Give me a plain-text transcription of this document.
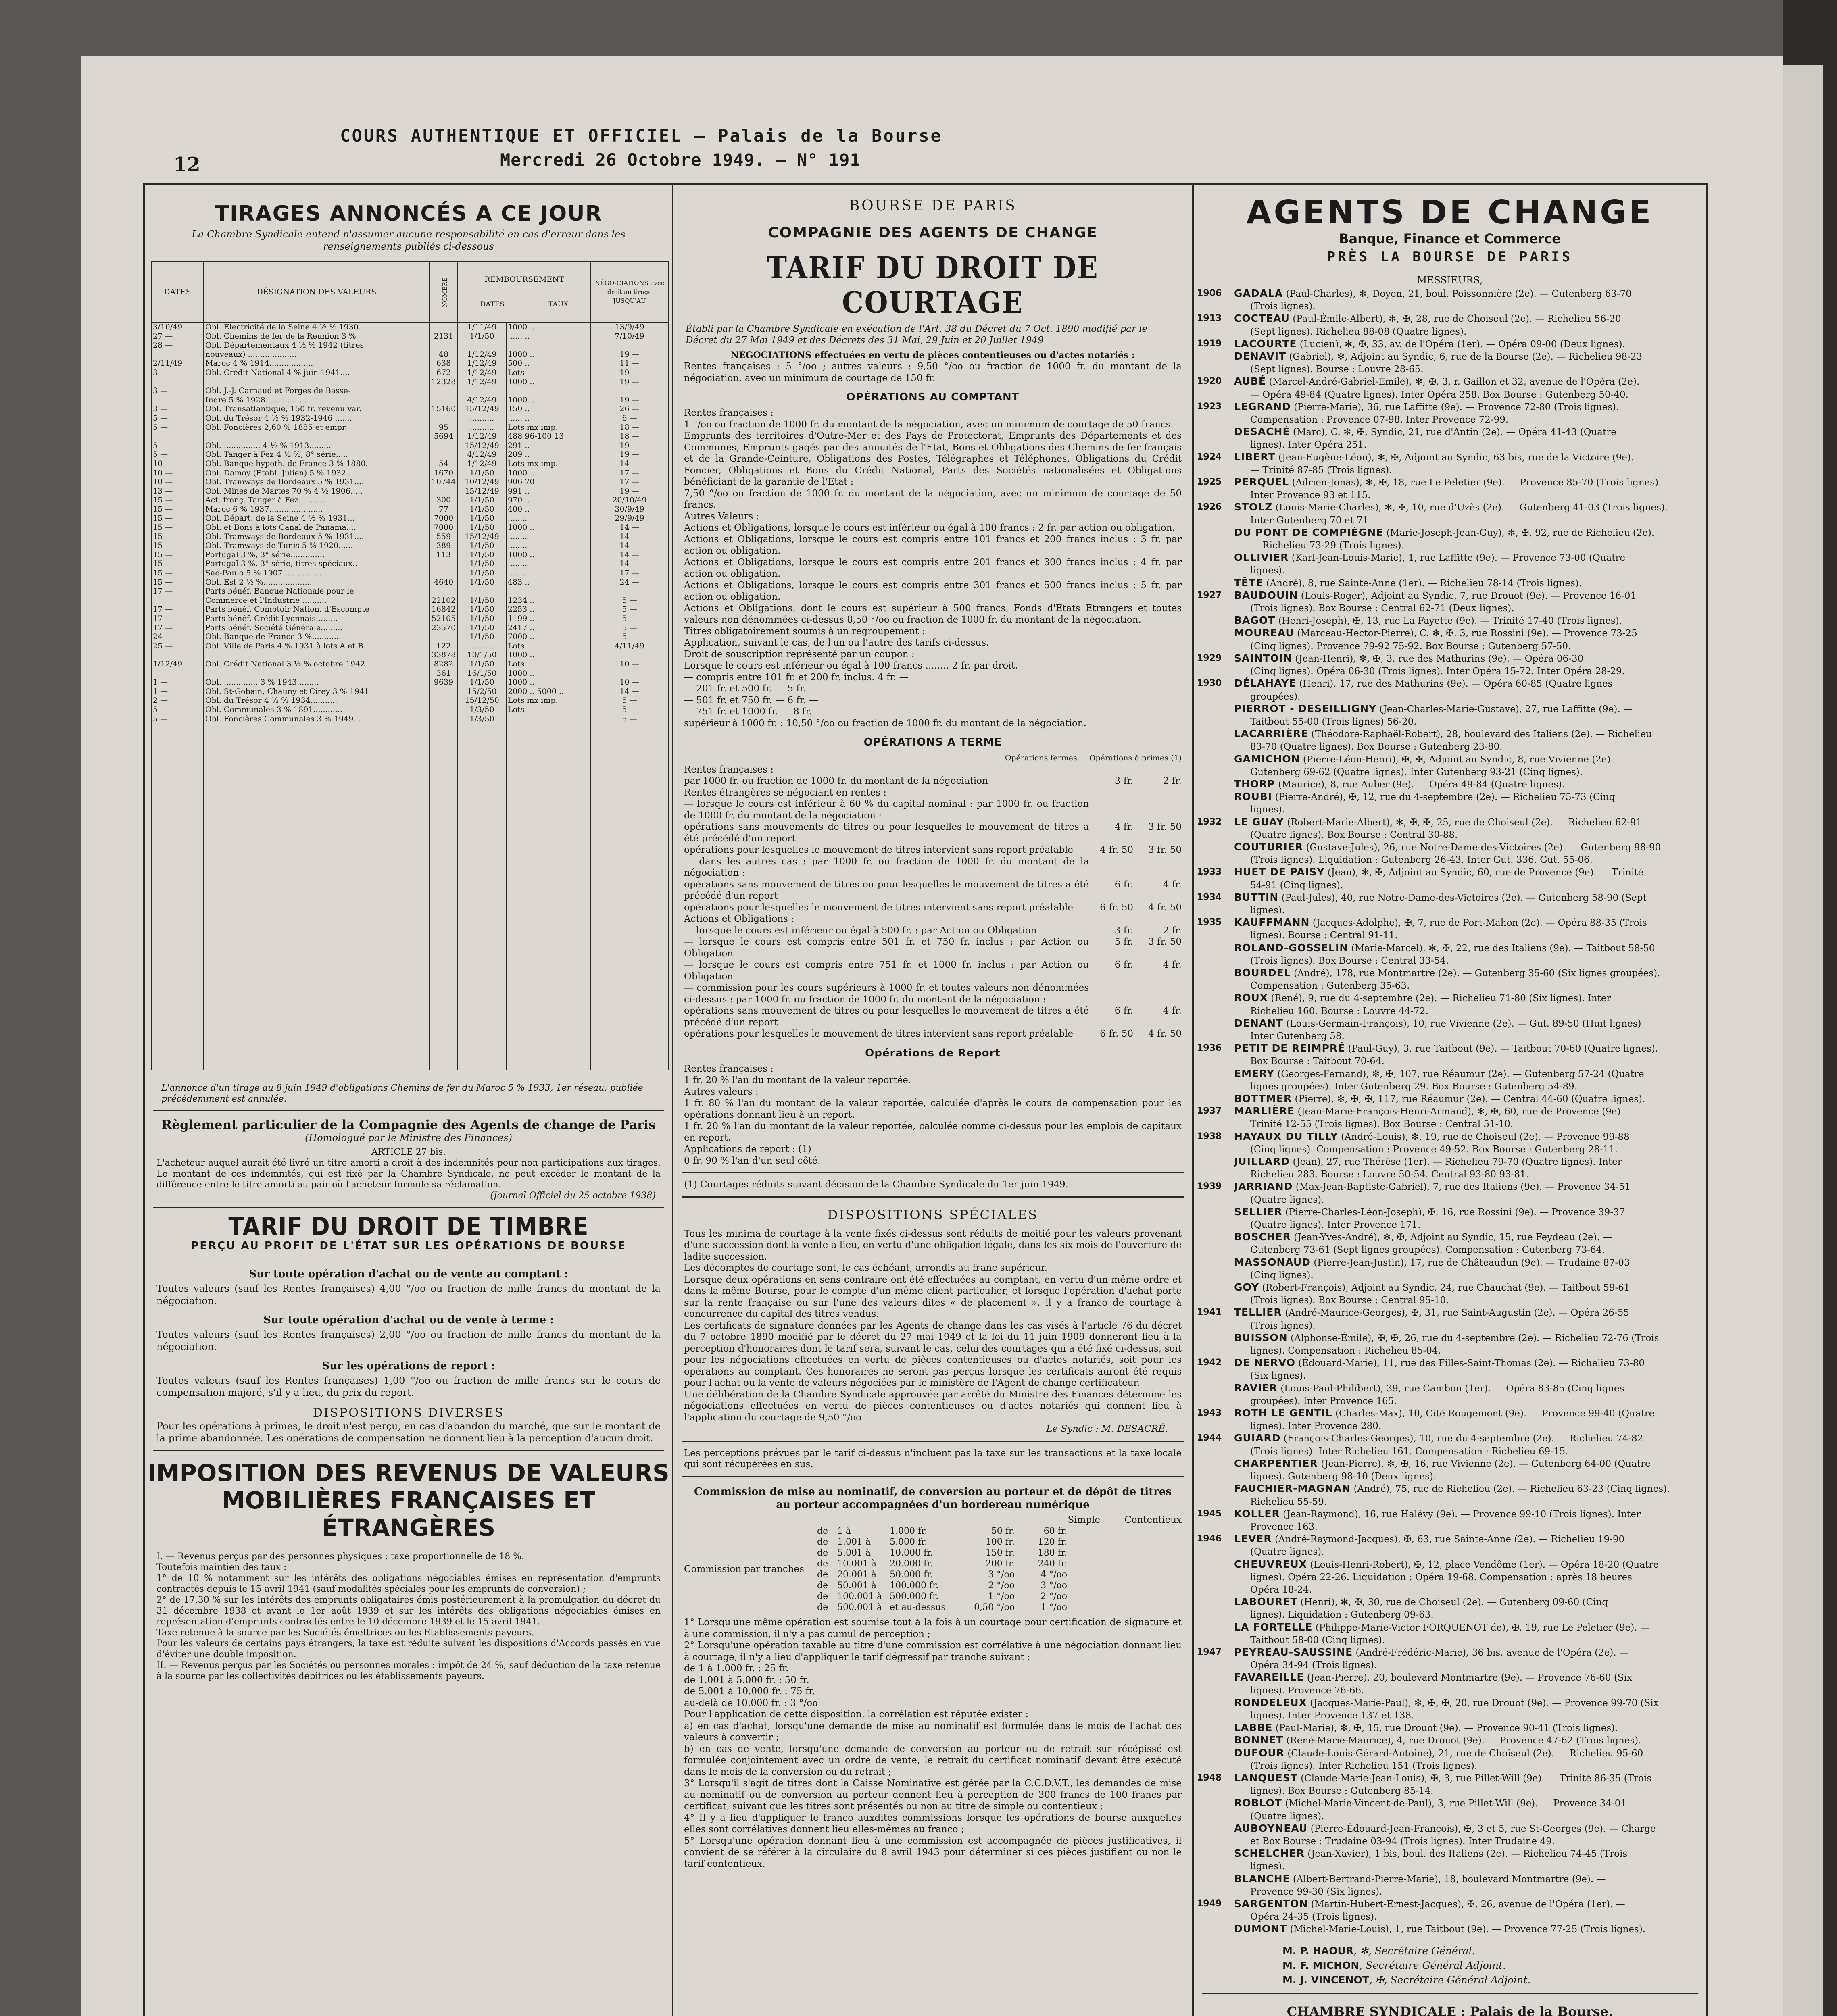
COURS AUTHENTIQUE ET OFFICIEL — Palais de la Bourse
Mercredi 26 Octobre 1949. — N° 191
12
TIRAGES ANNONCÉS A CE JOUR
La Chambre Syndicale entend n'assumer aucune responsabilité en cas d'erreur dans les renseignements publiés ci-dessous
DATES	DÉSIGNATION DES VALEURS	NOMBRE	REMBOURSEMENT
DATES TAUX		NÉGO-CIATIONS avec droit au tirage JUSQU'AU
3/10/49	Obl. Electricité de la Seine 4 ½ % 1930.		1/11/49	1000 ..	13/9/49
27 —	Obl. Chemins de fer de la Réunion 3 %	2131	1/1/50	...... ..	7/10/49
28 —	Obl. Départementaux 4 ½ % 1942 (titres				
	nouveaux) ....................	48	1/12/49	1000 ..	19 —
2/11/49	Maroc 4 % 1914..................	638	1/12/49	500 ..	11 —
3 —	Obl. Crédit National 4 % juin 1941....	672	1/12/49	Lots	19 —
		12328	1/12/49	1000 ..	19 —
3 —	Obl. J.-J. Carnaud et Forges de Basse-				
	Indre 5 % 1928..................		4/12/49	1000 ..	19 —
3 —	Obl. Transatlantique, 150 fr. revenu var.	15160	15/12/49	150 ..	26 —
5 —	Obl. du Trésor 4 ½ % 1932-1946 .......		..........	...... ..	6 —
5 —	Obl. Foncières 2,60 % 1885 et empr.	95	..........	Lots mx imp.	18 —
		5694	1/12/49	488 96-100 13	18 —
5 —	Obl. ............... 4 ½ % 1913.........		15/12/49	291 ..	19 —
5 —	Obl. Tanger à Fez 4 ½ %, 8° série.....		4/12/49	209 ..	19 —
10 —	Obl. Banque hypoth. de France 3 % 1880.	54	1/12/49	Lots mx imp.	14 —
10 —	Obl. Damoy (Etabl. Julien) 5 % 1932.....	1670	1/1/50	1000 ..	17 —
10 —	Obl. Tramways de Bordeaux 5 % 1931....	10744	10/12/49	906 70	17 —
13 —	Obl. Mines de Martes 70 % 4 ½ 1906.....		15/12/49	991 ..	19 —
15 —	Act. franç. Tanger à Fez...........	300	1/1/50	970 ..	20/10/49
15 —	Maroc 6 % 1937......................	77	1/1/50	400 ..	30/9/49
15 —	Obl. Départ. de la Seine 4 ½ % 1931...	7000	1/1/50	........	29/9/49
15 —	Obl. et Bons à lots Canal de Panama....	7000	1/1/50	1000 ..	14 —
15 —	Obl. Tramways de Bordeaux 5 % 1931....	559	15/12/49	........	14 —
15 —	Obl. Tramways de Tunis 5 % 1920......	389	1/1/50	........	14 —
15 —	Portugal 3 %, 3° série..............	113	1/1/50	1000 ..	14 —
15 —	Portugal 3 %, 3° série, titres spéciaux..		1/1/50	........	14 —
15 —	Sao-Paulo 5 % 1907..................		1/1/50	........	17 —
15 —	Obl. Est 2 ½ %....................	4640	1/1/50	483 ..	24 —
17 —	Parts bénéf. Banque Nationale pour le				
	Commerce et l'Industrie ..........	22102	1/1/50	1234 ..	5 —
17 —	Parts bénéf. Comptoir Nation. d'Escompte	16842	1/1/50	2253 ..	5 —
17 —	Parts bénéf. Crédit Lyonnais.........	52105	1/1/50	1199 ..	5 —
17 —	Parts bénéf. Société Générale.........	23570	1/1/50	2417 ..	5 —
24 —	Obl. Banque de France 3 %............		1/1/50	7000 ..	5 —
25 —	Obl. Ville de Paris 4 % 1931 à lots A et B.	122	..........	Lots	4/11/49
		33878	10/1/50	1000 ..	
1/12/49	Obl. Crédit National 3 ½ % octobre 1942	8282	1/1/50	Lots	10 —
		361	16/1/50	1000 ..	
1 —	Obl. .............. 3 % 1943.........	9639	1/1/50	1000 ..	10 —
1 —	Obl. St-Gobain, Chauny et Cirey 3 % 1941		15/2/50	2000 .. 5000 ..	14 —
2 —	Obl. du Trésor 4 ½ % 1934...........		15/12/50	Lots mx imp.	5 —
5 —	Obl. Communales 3 % 1891............		1/3/50	Lots	5 —
5 —	Obl. Foncières Communales 3 % 1949...		1/3/50		5 —

L'annonce d'un tirage au 8 juin 1949 d'obligations Chemins de fer du Maroc 5 % 1933, 1er réseau, publiée précédemment est annulée.
Règlement particulier de la Compagnie des Agents de change de Paris
(Homologué par le Ministre des Finances)
ARTICLE 27 bis.
L'acheteur auquel aurait été livré un titre amorti a droit à des indemnités pour non participations aux tirages. Le montant de ces indemnités, qui est fixé par la Chambre Syndicale, ne peut excéder le montant de la différence entre le titre amorti au pair où l'acheteur formule sa réclamation.
(Journal Officiel du 25 octobre 1938)
TARIF DU DROIT DE TIMBRE
PERÇU AU PROFIT DE L'ÉTAT SUR LES OPÉRATIONS DE BOURSE
Sur toute opération d'achat ou de vente au comptant :
Toutes valeurs (sauf les Rentes françaises) 4,00 °/oo ou fraction de mille francs du montant de la négociation.
Sur toute opération d'achat ou de vente à terme :
Toutes valeurs (sauf les Rentes françaises) 2,00 °/oo ou fraction de mille francs du montant de la négociation.
Sur les opérations de report :
Toutes valeurs (sauf les Rentes françaises) 1,00 °/oo ou fraction de mille francs sur le cours de compensation majoré, s'il y a lieu, du prix du report.
DISPOSITIONS DIVERSES
Pour les opérations à primes, le droit n'est perçu, en cas d'abandon du marché, que sur le montant de la prime abandonnée. Les opérations de compensation ne donnent lieu à la perception d'aucun droit.
IMPOSITION DES REVENUS DE VALEURS MOBILIÈRES FRANÇAISES ET ÉTRANGÈRES
I. — Revenus perçus par des personnes physiques : taxe proportionnelle de 18 %.
Toutefois maintien des taux :
1° de 10 % notamment sur les intérêts des obligations négociables émises en représentation d'emprunts contractés depuis le 15 avril 1941 (sauf modalités spéciales pour les emprunts de conversion) ;
2° de 17,30 % sur les intérêts des emprunts obligataires émis postérieurement à la promulgation du décret du 31 décembre 1938 et avant le 1er août 1939 et sur les intérêts des obligations négociables émises en représentation d'emprunts contractés entre le 10 décembre 1939 et le 15 avril 1941.
Taxe retenue à la source par les Sociétés émettrices ou les Etablissements payeurs.
Pour les valeurs de certains pays étrangers, la taxe est réduite suivant les dispositions d'Accords passés en vue d'éviter une double imposition.
II. — Revenus perçus par les Sociétés ou personnes morales : impôt de 24 %, sauf déduction de la taxe retenue à la source par les collectivités débitrices ou les établissements payeurs.
BOURSE DE PARIS
COMPAGNIE DES AGENTS DE CHANGE
TARIF DU DROIT DE COURTAGE
Établi par la Chambre Syndicale en exécution de l'Art. 38 du Décret du 7 Oct. 1890 modifié par le Décret du 27 Mai 1949 et des Décrets des 31 Mai, 29 Juin et 20 Juillet 1949
NÉGOCIATIONS effectuées en vertu de pièces contentieuses ou d'actes notariés :
Rentes françaises : 5 °/oo ; autres valeurs : 9,50 °/oo ou fraction de 1000 fr. du montant de la négociation, avec un minimum de courtage de 150 fr.
OPÉRATIONS AU COMPTANT
Rentes françaises :
1 °/oo ou fraction de 1000 fr. du montant de la négociation, avec un minimum de courtage de 50 francs.
Emprunts des territoires d'Outre-Mer et des Pays de Protectorat, Emprunts des Départements et des Communes, Emprunts gagés par des annuités de l'Etat, Bons et Obligations des Chemins de fer français et de la Grande-Ceinture, Obligations des Postes, Télégraphes et Téléphones, Obligations du Crédit Foncier, Obligations et Bons du Crédit National, Parts des Sociétés nationalisées et Obligations bénéficiant de la garantie de l'Etat :
7,50 °/oo ou fraction de 1000 fr. du montant de la négociation, avec un minimum de courtage de 50 francs.
Autres Valeurs :
Actions et Obligations, lorsque le cours est inférieur ou égal à 100 francs : 2 fr. par action ou obligation.
Actions et Obligations, lorsque le cours est compris entre 101 francs et 200 francs inclus : 3 fr. par action ou obligation.
Actions et Obligations, lorsque le cours est compris entre 201 francs et 300 francs inclus : 4 fr. par action ou obligation.
Actions et Obligations, lorsque le cours est compris entre 301 francs et 500 francs inclus : 5 fr. par action ou obligation.
Actions et Obligations, dont le cours est supérieur à 500 francs, Fonds d'Etats Etrangers et toutes valeurs non dénommées ci-dessus 8,50 °/oo ou fraction de 1000 fr. du montant de la négociation.
Titres obligatoirement soumis à un regroupement :
Application, suivant le cas, de l'un ou l'autre des tarifs ci-dessus.
Droit de souscription représenté par un coupon :
Lorsque le cours est inférieur ou égal à 100 francs ........ 2 fr. par droit.
— compris entre 101 fr. et 200 fr. inclus. 4 fr. —
— 201 fr. et 500 fr. — 5 fr. —
— 501 fr. et 750 fr. — 6 fr. —
— 751 fr. et 1000 fr. — 8 fr. —
supérieur à 1000 fr. : 10,50 °/oo ou fraction de 1000 fr. du montant de la négociation.
OPÉRATIONS A TERME
Opérations fermes Opérations à primes (1)
Rentes françaises :
par 1000 fr. ou fraction de 1000 fr. du montant de la négociation	3 fr.	2 fr.
Rentes étrangères se négociant en rentes :
— lorsque le cours est inférieur à 60 % du capital nominal : par 1000 fr. ou fraction de 1000 fr. du montant de la négociation :
opérations sans mouvements de titres ou pour lesquelles le mouvement de titres a été précédé d'un report
4 fr.	3 fr. 50
opérations pour lesquelles le mouvement de titres intervient sans report préalable	4 fr. 50	3 fr. 50
— dans les autres cas : par 1000 fr. ou fraction de 1000 fr. du montant de la négociation :
opérations sans mouvement de titres ou pour lesquelles le mouvement de titres a été précédé d'un report
6 fr.	4 fr.
opérations pour lesquelles le mouvement de titres intervient sans report préalable	6 fr. 50	4 fr. 50
Actions et Obligations :
— lorsque le cours est inférieur ou égal à 500 fr. : par Action ou Obligation	3 fr.	2 fr.
— lorsque le cours est compris entre 501 fr. et 750 fr. inclus : par Action ou Obligation
5 fr.	3 fr. 50
— lorsque le cours est compris entre 751 fr. et 1000 fr. inclus : par Action ou Obligation
6 fr.	4 fr.
— commission pour les cours supérieurs à 1000 fr. et toutes valeurs non dénommées ci-dessus : par 1000 fr. ou fraction de 1000 fr. du montant de la négociation :
opérations sans mouvement de titres ou pour lesquelles le mouvement de titres a été précédé d'un report
6 fr.	4 fr.
opérations pour lesquelles le mouvement de titres intervient sans report préalable	6 fr. 50	4 fr. 50
Opérations de Report
Rentes françaises :
1 fr. 20 % l'an du montant de la valeur reportée.
Autres valeurs :
1 fr. 80 % l'an du montant de la valeur reportée, calculée d'après le cours de compensation pour les opérations donnant lieu à un report.
1 fr. 20 % l'an du montant de la valeur reportée, calculée comme ci-dessus pour les emplois de capitaux en report.
Applications de report : (1)
0 fr. 90 % l'an d'un seul côté.
(1) Courtages réduits suivant décision de la Chambre Syndicale du 1er juin 1949.
DISPOSITIONS SPÉCIALES
Tous les minima de courtage à la vente fixés ci-dessus sont réduits de moitié pour les valeurs provenant d'une succession dont la vente a lieu, en vertu d'une obligation légale, dans les six mois de l'ouverture de ladite succession.
Les décomptes de courtage sont, le cas échéant, arrondis au franc supérieur.
Lorsque deux opérations en sens contraire ont été effectuées au comptant, en vertu d'un même ordre et dans la même Bourse, pour le compte d'un même client particulier, et lorsque l'opération d'achat porte sur la rente française ou sur l'une des valeurs dites « de placement », il y a franco de courtage à concurrence du capital des titres vendus.
Les certificats de signature données par les Agents de change dans les cas visés à l'article 76 du décret du 7 octobre 1890 modifié par le décret du 27 mai 1949 et la loi du 11 juin 1909 donneront lieu à la perception d'honoraires dont le tarif sera, suivant le cas, celui des courtages qui a été fixé ci-dessus, soit pour les négociations effectuées en vertu de pièces contentieuses ou d'actes notariés, soit pour les opérations au comptant. Ces honoraires ne seront pas perçus lorsque les certificats auront été requis pour l'achat ou la vente de valeurs négociées par le ministère de l'Agent de change certificateur.
Une délibération de la Chambre Syndicale approuvée par arrêté du Ministre des Finances détermine les négociations effectuées en vertu de pièces contentieuses ou d'actes notariés qui donnent lieu à l'application du courtage de 9,50 °/oo
Le Syndic : M. DESACRÉ.
Les perceptions prévues par le tarif ci-dessus n'incluent pas la taxe sur les transactions et la taxe locale qui sont récupérées en sus.
Commission de mise au nominatif, de conversion au porteur et de dépôt de titres au porteur accompagnées d'un bordereau numérique
Simple	Contentieux
Commission par tranches
de	1 à	1.000 fr.	50 fr.	60 fr.
de	1.001 à	5.000 fr.	100 fr.	120 fr.
de	5.001 à	10.000 fr.	150 fr.	180 fr.
de	10.001 à	20.000 fr.	200 fr.	240 fr.
de	20.001 à	50.000 fr.	3 °/oo	4 °/oo
de	50.001 à	100.000 fr.	2 °/oo	3 °/oo
de	100.001 à 500.000 fr.	1 °/oo	2 °/oo
de	500.001 à et au-dessus	0,50 °/oo	1 °/oo
1° Lorsqu'une même opération est soumise tout à la fois à un courtage pour certification de signature et à une commission, il n'y a pas cumul de perception ;
2° Lorsqu'une opération taxable au titre d'une commission est corrélative à une négociation donnant lieu à courtage, il n'y a lieu d'appliquer le tarif dégressif par tranche suivant :
de 1 à 1.000 fr. : 25 fr.
de 1.001 à 5.000 fr. : 50 fr.
de 5.001 à 10.000 fr. : 75 fr.
au-delà de 10.000 fr. : 3 °/oo
Pour l'application de cette disposition, la corrélation est réputée exister :
a) en cas d'achat, lorsqu'une demande de mise au nominatif est formulée dans le mois de l'achat des valeurs à convertir ;
b) en cas de vente, lorsqu'une demande de conversion au porteur ou de retrait sur récépissé est formulée conjointement avec un ordre de vente, le retrait du certificat nominatif devant être exécuté dans le mois de la conversion ou du retrait ;
3° Lorsqu'il s'agit de titres dont la Caisse Nominative est gérée par la C.C.D.V.T., les demandes de mise au nominatif ou de conversion au porteur donnent lieu à perception de 300 francs de 100 francs par certificat, suivant que les titres sont présentés ou non au titre de simple ou contentieux ;
4° Il y a lieu d'appliquer le franco auxdites commissions lorsque les opérations de bourse auxquelles elles sont corrélatives donnent lieu elles-mêmes au franco ;
5° Lorsqu'une opération donnant lieu à une commission est accompagnée de pièces justificatives, il convient de se référer à la circulaire du 8 avril 1943 pour déterminer si ces pièces justifient ou non le tarif contentieux.
AGENTS DE CHANGE
Banque, Finance et Commerce
PRÈS LA BOURSE DE PARIS
MESSIEURS,
1906	GADALA (Paul-Charles), ✻, Doyen, 21, boul. Poissonnière (2e). — Gutenberg 63-70
(Trois lignes).
1913	COCTEAU (Paul-Émile-Albert), ✻, ✠, 28, rue de Choiseul (2e). — Richelieu 56-20
(Sept lignes). Richelieu 88-08 (Quatre lignes).
1919	LACOURTE (Lucien), ✻, ✠, 33, av. de l'Opéra (1er). — Opéra 09-00 (Deux lignes).
DENAVIT (Gabriel), ✻, Adjoint au Syndic, 6, rue de la Bourse (2e). — Richelieu 98-23
(Sept lignes). Bourse : Louvre 28-65.
1920	AUBÉ (Marcel-André-Gabriel-Émile), ✻, ✠, 3, r. Gaillon et 32, avenue de l'Opéra (2e).
— Opéra 49-84 (Quatre lignes). Inter Opéra 258. Box Bourse : Gutenberg 50-40.
1923	LEGRAND (Pierre-Marie), 36, rue Laffitte (9e). — Provence 72-80 (Trois lignes).
Compensation : Provence 07-98. Inter Provence 72-99.
DESACHÉ (Marc), C. ✻, ✠, Syndic, 21, rue d'Antin (2e). — Opéra 41-43 (Quatre
lignes). Inter Opéra 251.
1924	LIBERT (Jean-Eugène-Léon), ✻, ✠, Adjoint au Syndic, 63 bis, rue de la Victoire (9e).
— Trinité 87-85 (Trois lignes).
1925	PERQUEL (Adrien-Jonas), ✻, ✠, 18, rue Le Peletier (9e). — Provence 85-70 (Trois lignes).
Inter Provence 93 et 115.
1926	STOLZ (Louis-Marie-Charles), ✻, ✠, 10, rue d'Uzès (2e). — Gutenberg 41-03 (Trois lignes).
Inter Gutenberg 70 et 71.
DU PONT DE COMPIÈGNE (Marie-Joseph-Jean-Guy), ✻, ✠, 92, rue de Richelieu (2e).
— Richelieu 73-29 (Trois lignes).
OLLIVIER (Karl-Jean-Louis-Marie), 1, rue Laffitte (9e). — Provence 73-00 (Quatre
lignes).
TÊTE (André), 8, rue Sainte-Anne (1er). — Richelieu 78-14 (Trois lignes).
1927	BAUDOUIN (Louis-Roger), Adjoint au Syndic, 7, rue Drouot (9e). — Provence 16-01
(Trois lignes). Box Bourse : Central 62-71 (Deux lignes).
BAGOT (Henri-Joseph), ✠, 13, rue La Fayette (9e). — Trinité 17-40 (Trois lignes).
MOUREAU (Marceau-Hector-Pierre), C. ✻, ✠, 3, rue Rossini (9e). — Provence 73-25
(Cinq lignes). Provence 79-92 75-92. Box Bourse : Gutenberg 57-50.
1929	SAINTOIN (Jean-Henri), ✻, ✠, 3, rue des Mathurins (9e). — Opéra 06-30
(Cinq lignes). Opéra 06-30 (Trois lignes). Inter Opéra 15-72. Inter Opéra 28-29.
1930	DÉLAHAYE (Henri), 17, rue des Mathurins (9e). — Opéra 60-85 (Quatre lignes
groupées).
PIERROT - DESEILLIGNY (Jean-Charles-Marie-Gustave), 27, rue Laffitte (9e). —
Taitbout 55-00 (Trois lignes) 56-20.
LACARRIÈRE (Théodore-Raphaël-Robert), 28, boulevard des Italiens (2e). — Richelieu
83-70 (Quatre lignes). Box Bourse : Gutenberg 23-80.
GAMICHON (Pierre-Léon-Henri), ✠, ✠, Adjoint au Syndic, 8, rue Vivienne (2e). —
Gutenberg 69-62 (Quatre lignes). Inter Gutenberg 93-21 (Cinq lignes).
THORP (Maurice), 8, rue Auber (9e). — Opéra 49-84 (Quatre lignes).
ROUBI (Pierre-André), ✠, 12, rue du 4-septembre (2e). — Richelieu 75-73 (Cinq
lignes).
1932	LE GUAY (Robert-Marie-Albert), ✻, ✠, ✠, 25, rue de Choiseul (2e). — Richelieu 62-91
(Quatre lignes). Box Bourse : Central 30-88.
COUTURIER (Gustave-Jules), 26, rue Notre-Dame-des-Victoires (2e). — Gutenberg 98-90
(Trois lignes). Liquidation : Gutenberg 26-43. Inter Gut. 336. Gut. 55-06.
1933	HUET DE PAISY (Jean), ✻, ✠, Adjoint au Syndic, 60, rue de Provence (9e). — Trinité
54-91 (Cinq lignes).
1934	BUTTIN (Paul-Jules), 40, rue Notre-Dame-des-Victoires (2e). — Gutenberg 58-90 (Sept
lignes).
1935	KAUFFMANN (Jacques-Adolphe), ✠, 7, rue de Port-Mahon (2e). — Opéra 88-35 (Trois
lignes). Bourse : Central 91-11.
ROLAND-GOSSELIN (Marie-Marcel), ✻, ✠, 22, rue des Italiens (9e). — Taitbout 58-50
(Trois lignes). Box Bourse : Central 33-54.
BOURDEL (André), 178, rue Montmartre (2e). — Gutenberg 35-60 (Six lignes groupées).
Compensation : Gutenberg 35-63.
ROUX (René), 9, rue du 4-septembre (2e). — Richelieu 71-80 (Six lignes). Inter
Richelieu 160. Bourse : Louvre 44-72.
DENANT (Louis-Germain-François), 10, rue Vivienne (2e). — Gut. 89-50 (Huit lignes)
Inter Gutenberg 58.
1936	PETIT DE REIMPRÉ (Paul-Guy), 3, rue Taitbout (9e). — Taitbout 70-60 (Quatre lignes).
Box Bourse : Taitbout 70-64.
EMERY (Georges-Fernand), ✻, ✠, 107, rue Réaumur (2e). — Gutenberg 57-24 (Quatre
lignes groupées). Inter Gutenberg 29. Box Bourse : Gutenberg 54-89.
BOTTMER (Pierre), ✻, ✠, ✠, 117, rue Réaumur (2e). — Central 44-60 (Quatre lignes).
1937	MARLIÈRE (Jean-Marie-François-Henri-Armand), ✻, ✠, 60, rue de Provence (9e). —
Trinité 12-55 (Trois lignes). Box Bourse : Central 51-10.
1938	HAYAUX DU TILLY (André-Louis), ✻, 19, rue de Choiseul (2e). — Provence 99-88
(Cinq lignes). Compensation : Provence 49-52. Box Bourse : Gutenberg 28-11.
JUILLARD (Jean), 27, rue Thérèse (1er). — Richelieu 79-70 (Quatre lignes). Inter
Richelieu 283. Bourse : Louvre 50-54. Central 93-80 93-81.
1939	JARRIAND (Max-Jean-Baptiste-Gabriel), 7, rue des Italiens (9e). — Provence 34-51
(Quatre lignes).
SELLIER (Pierre-Charles-Léon-Joseph), ✠, 16, rue Rossini (9e). — Provence 39-37
(Quatre lignes). Inter Provence 171.
BOSCHER (Jean-Yves-André), ✻, ✠, Adjoint au Syndic, 15, rue Feydeau (2e). —
Gutenberg 73-61 (Sept lignes groupées). Compensation : Gutenberg 73-64.
MASSONAUD (Pierre-Jean-Justin), 17, rue de Châteaudun (9e). — Trudaine 87-03
(Cinq lignes).
GOY (Robert-François), Adjoint au Syndic, 24, rue Chauchat (9e). — Taitbout 59-61
(Trois lignes). Box Bourse : Central 95-10.
1941	TELLIER (André-Maurice-Georges), ✠, 31, rue Saint-Augustin (2e). — Opéra 26-55
(Trois lignes).
BUISSON (Alphonse-Émile), ✠, ✠, 26, rue du 4-septembre (2e). — Richelieu 72-76 (Trois
lignes). Compensation : Richelieu 85-04.
1942	DE NERVO (Édouard-Marie), 11, rue des Filles-Saint-Thomas (2e). — Richelieu 73-80
(Six lignes).
RAVIER (Louis-Paul-Philibert), 39, rue Cambon (1er). — Opéra 83-85 (Cinq lignes
groupées). Inter Provence 165.
1943	ROTH LE GENTIL (Charles-Max), 10, Cité Rougemont (9e). — Provence 99-40 (Quatre
lignes). Inter Provence 280.
1944	GUIARD (François-Charles-Georges), 10, rue du 4-septembre (2e). — Richelieu 74-82
(Trois lignes). Inter Richelieu 161. Compensation : Richelieu 69-15.
CHARPENTIER (Jean-Pierre), ✻, ✠, 16, rue Vivienne (2e). — Gutenberg 64-00 (Quatre
lignes). Gutenberg 98-10 (Deux lignes).
FAUCHIER-MAGNAN (André), 75, rue de Richelieu (2e). — Richelieu 63-23 (Cinq lignes).
Richelieu 55-59.
1945	KOLLER (Jean-Raymond), 16, rue Halévy (9e). — Provence 99-10 (Trois lignes). Inter
Provence 163.
1946	LEVER (André-Raymond-Jacques), ✠, 63, rue Sainte-Anne (2e). — Richelieu 19-90
(Quatre lignes).
CHEUVREUX (Louis-Henri-Robert), ✠, 12, place Vendôme (1er). — Opéra 18-20 (Quatre
lignes). Opéra 22-26. Liquidation : Opéra 19-68. Compensation : après 18 heures
Opéra 18-24.
LABOURET (Henri), ✻, ✠, 30, rue de Choiseul (2e). — Gutenberg 09-60 (Cinq
lignes). Liquidation : Gutenberg 09-63.
LA FORTELLE (Philippe-Marie-Victor FORQUENOT de), ✠, 19, rue Le Peletier (9e). —
Taitbout 58-00 (Cinq lignes).
1947	PEYREAU-SAUSSINE (André-Frédéric-Marie), 36 bis, avenue de l'Opéra (2e). —
Opéra 34-94 (Trois lignes).
FAVAREILLE (Jean-Pierre), 20, boulevard Montmartre (9e). — Provence 76-60 (Six
lignes). Provence 76-66.
RONDELEUX (Jacques-Marie-Paul), ✻, ✠, ✠, 20, rue Drouot (9e). — Provence 99-70 (Six
lignes). Inter Provence 137 et 138.
LABBE (Paul-Marie), ✻, ✠, 15, rue Drouot (9e). — Provence 90-41 (Trois lignes).
BONNET (René-Marie-Maurice), 4, rue Drouot (9e). — Provence 47-62 (Trois lignes).
DUFOUR (Claude-Louis-Gérard-Antoine), 21, rue de Choiseul (2e). — Richelieu 95-60
(Trois lignes). Inter Richelieu 151 (Trois lignes).
1948	LANQUEST (Claude-Marie-Jean-Louis), ✠, 3, rue Pillet-Will (9e). — Trinité 86-35 (Trois
lignes). Box Bourse : Gutenberg 85-14.
ROBLOT (Michel-Marie-Vincent-de-Paul), 3, rue Pillet-Will (9e). — Provence 34-01
(Quatre lignes).
AUBOYNEAU (Pierre-Édouard-Jean-François), ✠, 3 et 5, rue St-Georges (9e). — Charge
et Box Bourse : Trudaine 03-94 (Trois lignes). Inter Trudaine 49.
SCHELCHER (Jean-Xavier), 1 bis, boul. des Italiens (2e). — Richelieu 74-45 (Trois
lignes).
BLANCHE (Albert-Bertrand-Pierre-Marie), 18, boulevard Montmartre (9e). —
Provence 99-30 (Six lignes).
1949	SARGENTON (Martin-Hubert-Ernest-Jacques), ✠, 26, avenue de l'Opéra (1er). —
Opéra 24-35 (Trois lignes).
DUMONT (Michel-Marie-Louis), 1, rue Taitbout (9e). — Provence 77-25 (Trois lignes).
M. P. HAOUR, ✻, Secrétaire Général.
M. F. MICHON, Secrétaire Général Adjoint.
M. J. VINCENOT, ✠, Secrétaire Général Adjoint.
CHAMBRE SYNDICALE : Palais de la Bourse.
